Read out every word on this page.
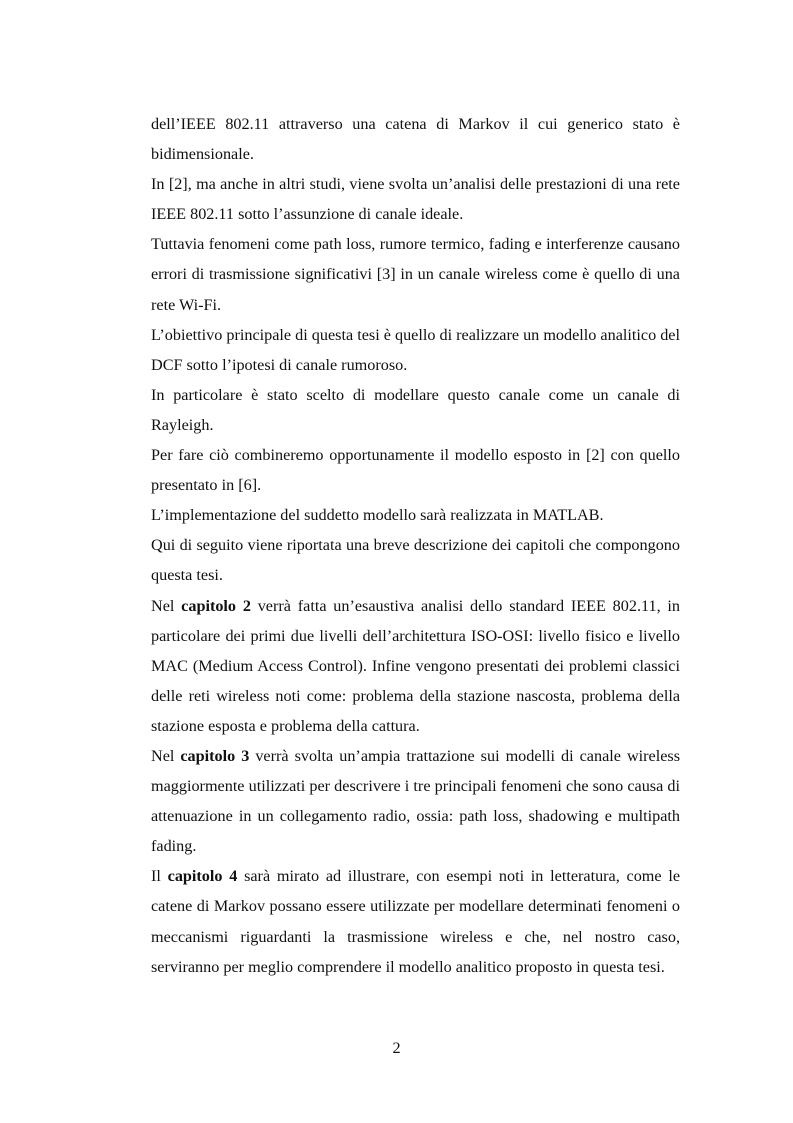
dell’IEEE 802.11 attraverso una catena di Markov il cui generico stato è bidimensionale.

In [2], ma anche in altri studi, viene svolta un’analisi delle prestazioni di una rete IEEE 802.11 sotto l’assunzione di canale ideale.

Tuttavia fenomeni come path loss, rumore termico, fading e interferenze causano errori di trasmissione significativi [3] in un canale wireless come è quello di una rete Wi-Fi.

L’obiettivo principale di questa tesi è quello di realizzare un modello analitico del DCF sotto l’ipotesi di canale rumoroso.

In particolare è stato scelto di modellare questo canale come un canale di Rayleigh.

Per fare ciò combineremo opportunamente il modello esposto in [2] con quello presentato in [6].

L’implementazione del suddetto modello sarà realizzata in MATLAB.

Qui di seguito viene riportata una breve descrizione dei capitoli che compongono questa tesi.

Nel capitolo 2 verrà fatta un’esaustiva analisi dello standard IEEE 802.11, in particolare dei primi due livelli dell’architettura ISO-OSI: livello fisico e livello MAC (Medium Access Control). Infine vengono presentati dei problemi classici delle reti wireless noti come: problema della stazione nascosta, problema della stazione esposta e problema della cattura.

Nel capitolo 3 verrà svolta un’ampia trattazione sui modelli di canale wireless maggiormente utilizzati per descrivere i tre principali fenomeni che sono causa di attenuazione in un collegamento radio, ossia: path loss, shadowing e multipath fading.

Il capitolo 4 sarà mirato ad illustrare, con esempi noti in letteratura, come le catene di Markov possano essere utilizzate per modellare determinati fenomeni o meccanismi riguardanti la trasmissione wireless e che, nel nostro caso, serviranno per meglio comprendere il modello analitico proposto in questa tesi.

2
